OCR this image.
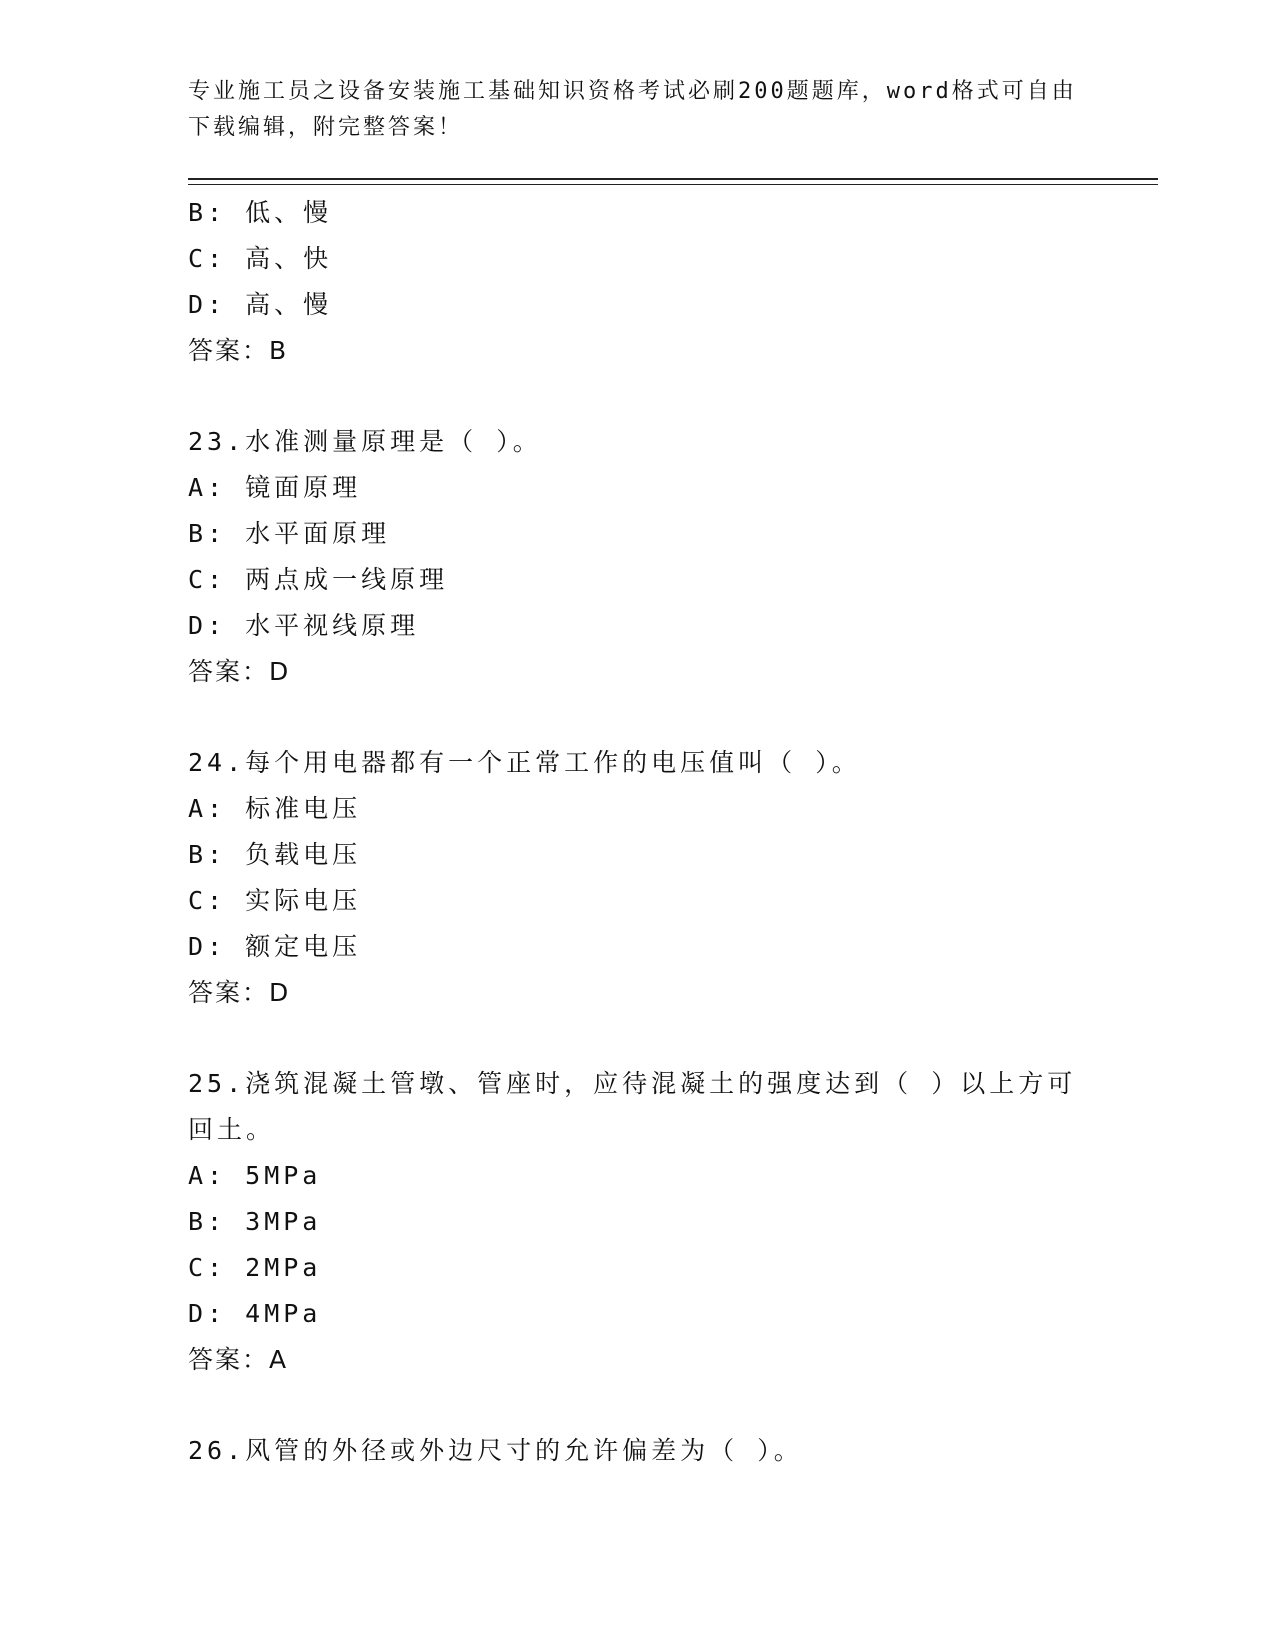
专业施工员之设备安装施工基础知识资格考试必刷200题题库，word格式可自由
下载编辑，附完整答案！
B: 低、慢
C: 高、快
D: 高、慢
答案：B
23.水准测量原理是（ ）。
A: 镜面原理
B: 水平面原理
C: 两点成一线原理
D: 水平视线原理
答案：D
24.每个用电器都有一个正常工作的电压值叫（ ）。
A: 标准电压
B: 负载电压
C: 实际电压
D: 额定电压
答案：D
25.浇筑混凝土管墩、管座时，应待混凝土的强度达到（ ）以上方可
回土。
A: 5MPa
B: 3MPa
C: 2MPa
D: 4MPa
答案：A
26.风管的外径或外边尺寸的允许偏差为（ ）。
